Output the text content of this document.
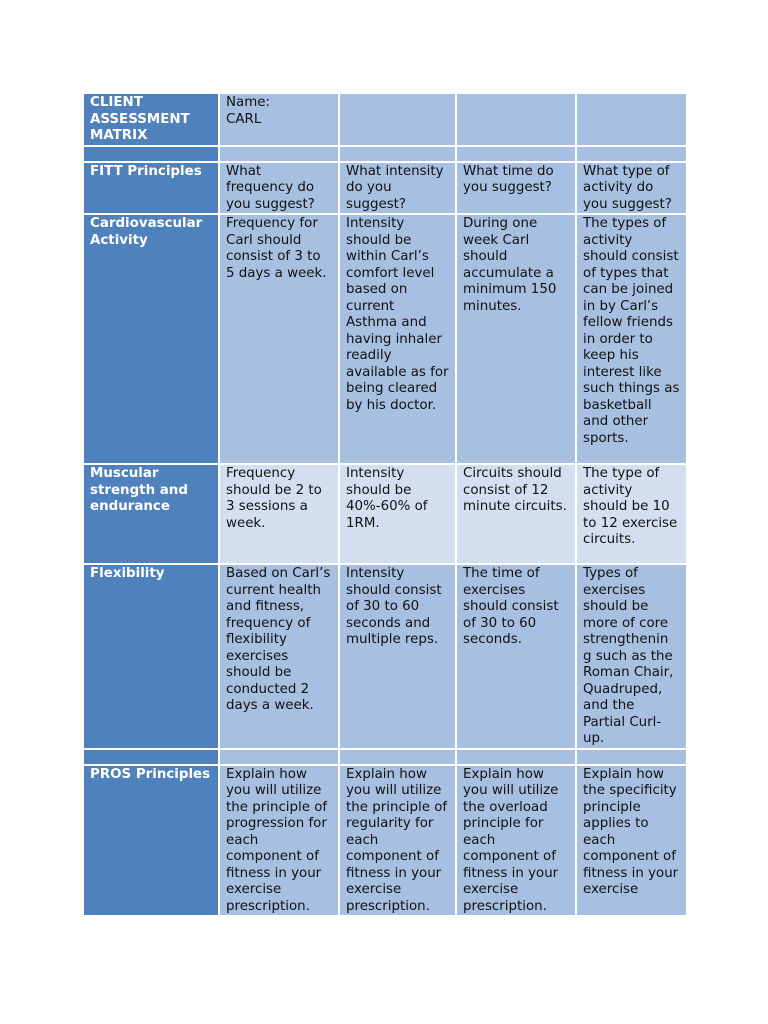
CLIENT ASSESSMENT MATRIX	Name:
CARL			

FITT Principles	What frequency do you suggest?	What intensity do you suggest?	What time do you suggest?	What type of activity do you suggest?
Cardiovascular Activity	Frequency for Carl should consist of 3 to 5 days a week.	Intensity should be within Carl’s comfort level based on current Asthma and having inhaler readily available as for being cleared by his doctor.	During one week Carl should accumulate a minimum 150 minutes.	The types of activity should consist of types that can be joined in by Carl’s fellow friends in order to keep his interest like such things as basketball and other sports.
Muscular strength and endurance	Frequency should be 2 to 3 sessions a week.	Intensity should be 40%-60% of 1RM.	Circuits should consist of 12 minute circuits.	The type of activity should be 10 to 12 exercise circuits.
Flexibility	Based on Carl’s current health and fitness, frequency of flexibility exercises should be conducted 2 days a week.	Intensity should consist of 30 to 60 seconds and multiple reps.	The time of exercises should consist of 30 to 60 seconds.	Types of exercises should be more of core strengthenin g such as the Roman Chair, Quadruped, and the Partial Curl-up.

PROS Principles	Explain how you will utilize the principle of progression for each component of fitness in your exercise prescription.	Explain how you will utilize the principle of regularity for each component of fitness in your exercise prescription.	Explain how you will utilize the overload principle for each component of fitness in your exercise prescription.	Explain how the specificity principle applies to each component of fitness in your exercise
